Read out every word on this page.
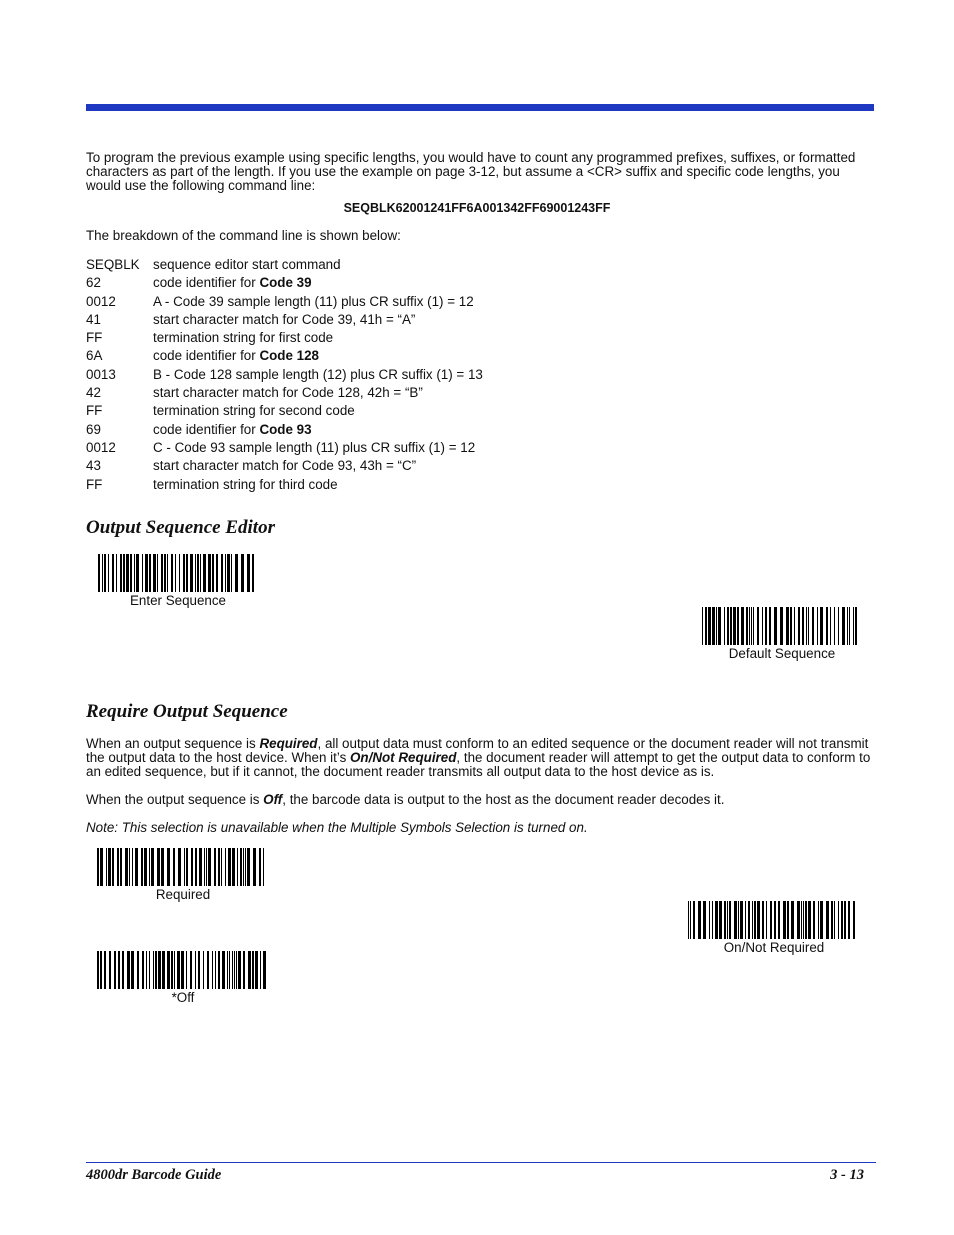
To program the previous example using specific lengths, you would have to count any programmed prefixes, suffixes, or formatted characters as part of the length. If you use the example on page 3-12, but assume a <CR> suffix and specific code lengths, you would use the following command line:

SEQBLK62001241FF6A001342FF69001243FF

The breakdown of the command line is shown below:

SEQBLK	sequence editor start command
62	code identifier for Code 39
0012	A - Code 39 sample length (11) plus CR suffix (1) = 12
41	start character match for Code 39, 41h = “A”
FF	termination string for first code
6A	code identifier for Code 128
0013	B - Code 128 sample length (12) plus CR suffix (1) = 13
42	start character match for Code 128, 42h = “B”
FF	termination string for second code
69	code identifier for Code 93
0012	C - Code 93 sample length (11) plus CR suffix (1) = 12
43	start character match for Code 93, 43h = “C”
FF	termination string for third code
Output Sequence Editor
Enter Sequence
Default Sequence
Require Output Sequence

When an output sequence is Required, all output data must conform to an edited sequence or the document reader will not transmit the output data to the host device. When it’s On/Not Required, the document reader will attempt to get the output data to conform to an edited sequence, but if it cannot, the document reader transmits all output data to the host device as is.

When the output sequence is Off, the barcode data is output to the host as the document reader decodes it.

Note: This selection is unavailable when the Multiple Symbols Selection is turned on.

Required
On/Not Required
*Off
4800dr Barcode Guide	3 - 13
